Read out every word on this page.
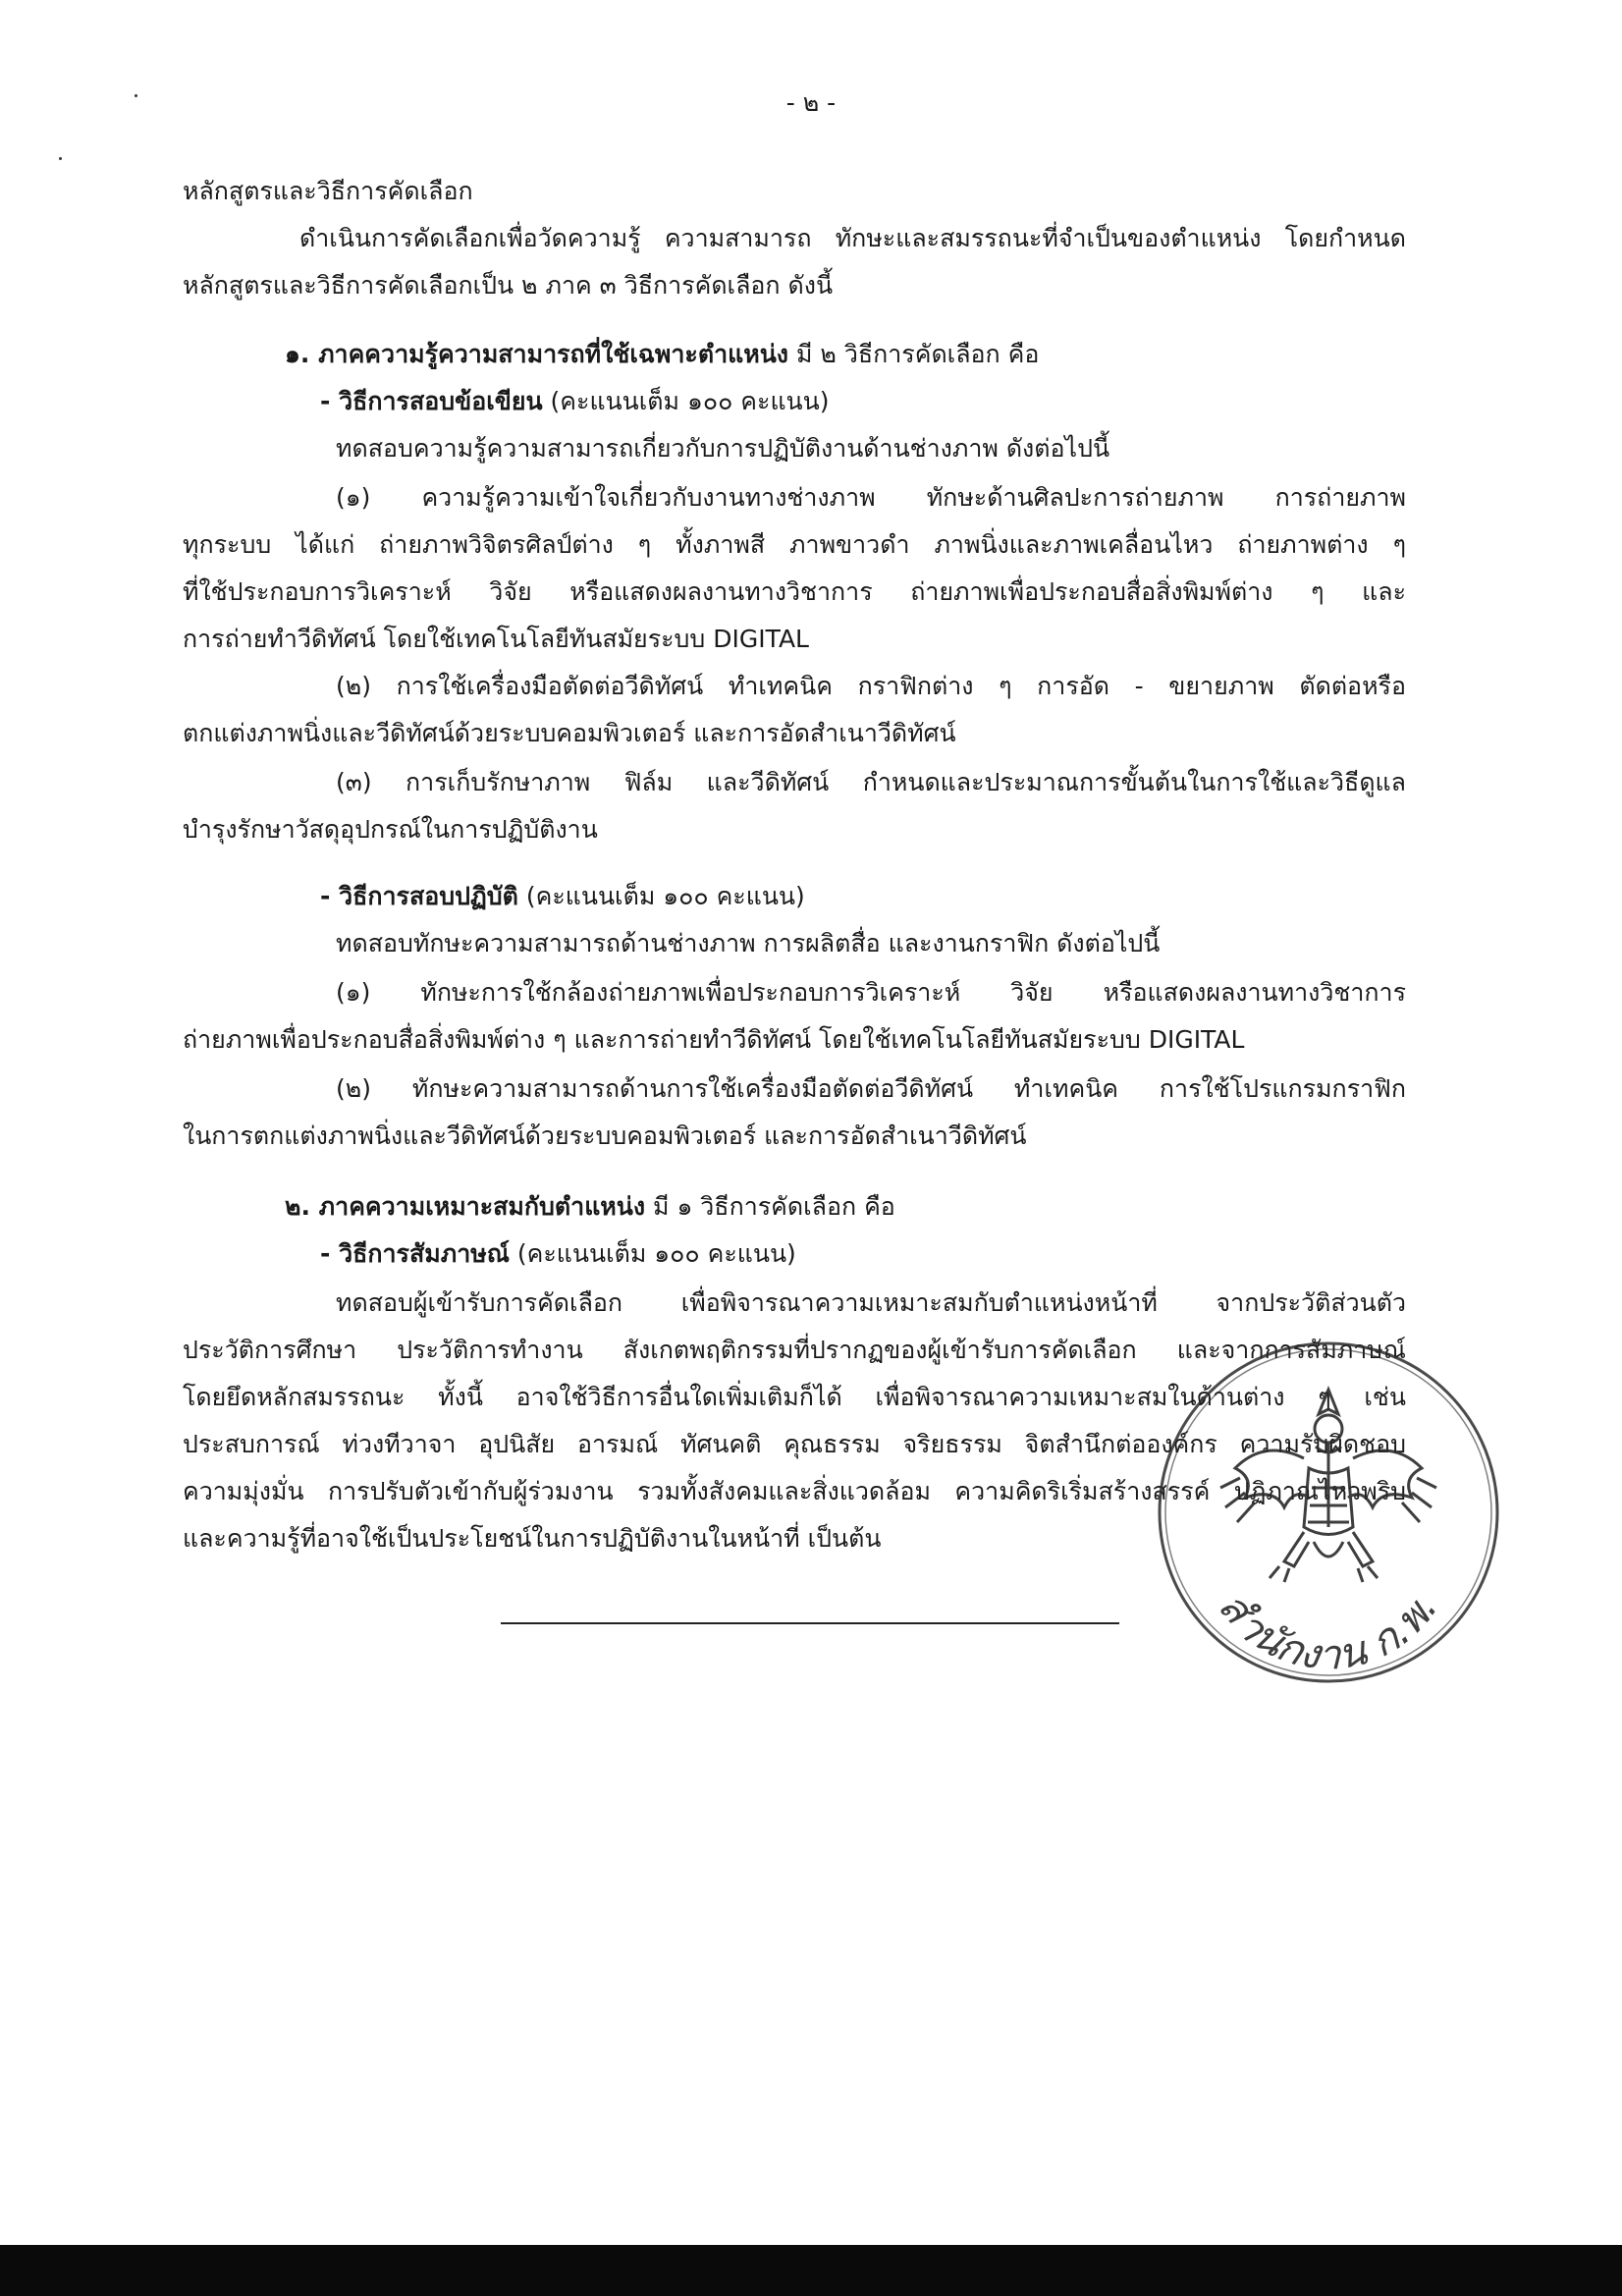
- ๒ -
หลักสูตรและวิธีการคัดเลือก
ดำเนินการคัดเลือกเพื่อวัดความรู้ ความสามารถ ทักษะและสมรรถนะที่จำเป็นของตำแหน่ง โดยกำหนด
หลักสูตรและวิธีการคัดเลือกเป็น ๒ ภาค ๓ วิธีการคัดเลือก ดังนี้
๑. ภาคความรู้ความสามารถที่ใช้เฉพาะตำแหน่ง มี ๒ วิธีการคัดเลือก คือ
- วิธีการสอบข้อเขียน (คะแนนเต็ม ๑๐๐ คะแนน)
ทดสอบความรู้ความสามารถเกี่ยวกับการปฏิบัติงานด้านช่างภาพ ดังต่อไปนี้
(๑) ความรู้ความเข้าใจเกี่ยวกับงานทางช่างภาพ ทักษะด้านศิลปะการถ่ายภาพ การถ่ายภาพ
ทุกระบบ ได้แก่ ถ่ายภาพวิจิตรศิลป์ต่าง ๆ ทั้งภาพสี ภาพขาวดำ ภาพนิ่งและภาพเคลื่อนไหว ถ่ายภาพต่าง ๆ
ที่ใช้ประกอบการวิเคราะห์ วิจัย หรือแสดงผลงานทางวิชาการ ถ่ายภาพเพื่อประกอบสื่อสิ่งพิมพ์ต่าง ๆ และ
การถ่ายทำวีดิทัศน์ โดยใช้เทคโนโลยีทันสมัยระบบ DIGITAL
(๒) การใช้เครื่องมือตัดต่อวีดิทัศน์ ทำเทคนิค กราฟิกต่าง ๆ การอัด - ขยายภาพ ตัดต่อหรือ
ตกแต่งภาพนิ่งและวีดิทัศน์ด้วยระบบคอมพิวเตอร์ และการอัดสำเนาวีดิทัศน์
(๓) การเก็บรักษาภาพ ฟิล์ม และวีดิทัศน์ กำหนดและประมาณการขั้นต้นในการใช้และวิธีดูแล
บำรุงรักษาวัสดุอุปกรณ์ในการปฏิบัติงาน
- วิธีการสอบปฏิบัติ (คะแนนเต็ม ๑๐๐ คะแนน)
ทดสอบทักษะความสามารถด้านช่างภาพ การผลิตสื่อ และงานกราฟิก ดังต่อไปนี้
(๑) ทักษะการใช้กล้องถ่ายภาพเพื่อประกอบการวิเคราะห์ วิจัย หรือแสดงผลงานทางวิชาการ
ถ่ายภาพเพื่อประกอบสื่อสิ่งพิมพ์ต่าง ๆ และการถ่ายทำวีดิทัศน์ โดยใช้เทคโนโลยีทันสมัยระบบ DIGITAL
(๒) ทักษะความสามารถด้านการใช้เครื่องมือตัดต่อวีดิทัศน์ ทำเทคนิค การใช้โปรแกรมกราฟิก
ในการตกแต่งภาพนิ่งและวีดิทัศน์ด้วยระบบคอมพิวเตอร์ และการอัดสำเนาวีดิทัศน์
๒. ภาคความเหมาะสมกับตำแหน่ง มี ๑ วิธีการคัดเลือก คือ
- วิธีการสัมภาษณ์ (คะแนนเต็ม ๑๐๐ คะแนน)
ทดสอบผู้เข้ารับการคัดเลือก เพื่อพิจารณาความเหมาะสมกับตำแหน่งหน้าที่ จากประวัติส่วนตัว
ประวัติการศึกษา ประวัติการทำงาน สังเกตพฤติกรรมที่ปรากฏของผู้เข้ารับการคัดเลือก และจากการสัมภาษณ์
โดยยึดหลักสมรรถนะ ทั้งนี้ อาจใช้วิธีการอื่นใดเพิ่มเติมก็ได้ เพื่อพิจารณาความเหมาะสมในด้านต่าง ๆ เช่น
ประสบการณ์ ท่วงทีวาจา อุปนิสัย อารมณ์ ทัศนคติ คุณธรรม จริยธรรม จิตสำนึกต่อองค์กร ความรับผิดชอบ
ความมุ่งมั่น การปรับตัวเข้ากับผู้ร่วมงาน รวมทั้งสังคมและสิ่งแวดล้อม ความคิดริเริ่มสร้างสรรค์ ปฏิภาณไหวพริบ
และความรู้ที่อาจใช้เป็นประโยชน์ในการปฏิบัติงานในหน้าที่ เป็นต้น
สำนักงาน ก.พ.
